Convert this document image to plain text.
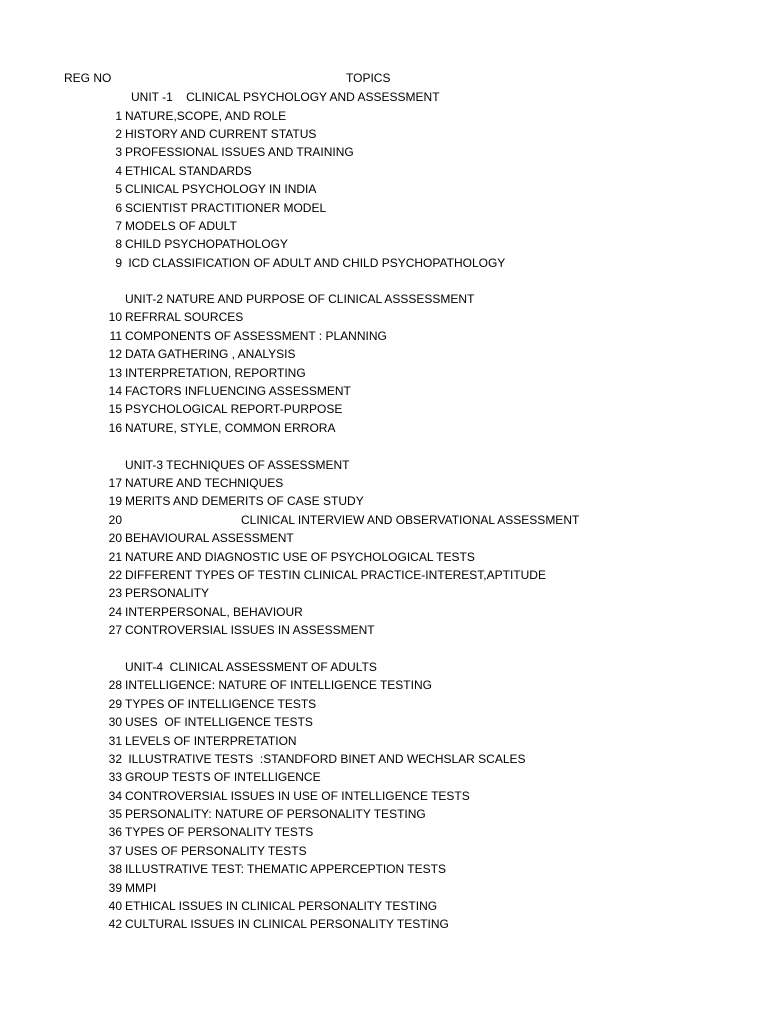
REG NO	TOPICS
UNIT -1    CLINICAL PSYCHOLOGY AND ASSESSMENT
1 NATURE,SCOPE, AND ROLE
2 HISTORY AND CURRENT STATUS
3 PROFESSIONAL ISSUES AND TRAINING
4 ETHICAL STANDARDS
5 CLINICAL PSYCHOLOGY IN INDIA
6 SCIENTIST PRACTITIONER MODEL
7 MODELS OF ADULT
8 CHILD PSYCHOPATHOLOGY
9 ICD CLASSIFICATION OF ADULT AND CHILD PSYCHOPATHOLOGY
UNIT-2 NATURE AND PURPOSE OF CLINICAL ASSSESSMENT
10 REFRRAL SOURCES
11 COMPONENTS OF ASSESSMENT : PLANNING
12 DATA GATHERING , ANALYSIS
13 INTERPRETATION, REPORTING
14 FACTORS INFLUENCING ASSESSMENT
15 PSYCHOLOGICAL REPORT-PURPOSE
16 NATURE, STYLE, COMMON ERRORA
UNIT-3 TECHNIQUES OF ASSESSMENT
17 NATURE AND TECHNIQUES
19 MERITS AND DEMERITS OF CASE STUDY
20	CLINICAL INTERVIEW AND OBSERVATIONAL ASSESSMENT
20 BEHAVIOURAL ASSESSMENT
21 NATURE AND DIAGNOSTIC USE OF PSYCHOLOGICAL TESTS
22 DIFFERENT TYPES OF TESTIN CLINICAL PRACTICE-INTEREST,APTITUDE
23 PERSONALITY
24 INTERPERSONAL, BEHAVIOUR
27 CONTROVERSIAL ISSUES IN ASSESSMENT
UNIT-4  CLINICAL ASSESSMENT OF ADULTS
28 INTELLIGENCE: NATURE OF INTELLIGENCE TESTING
29 TYPES OF INTELLIGENCE TESTS
30 USES  OF INTELLIGENCE TESTS
31 LEVELS OF INTERPRETATION
32 ILLUSTRATIVE TESTS  :STANDFORD BINET AND WECHSLAR SCALES
33 GROUP TESTS OF INTELLIGENCE
34 CONTROVERSIAL ISSUES IN USE OF INTELLIGENCE TESTS
35 PERSONALITY: NATURE OF PERSONALITY TESTING
36 TYPES OF PERSONALITY TESTS
37 USES OF PERSONALITY TESTS
38 ILLUSTRATIVE TEST: THEMATIC APPERCEPTION TESTS
39 MMPI
40 ETHICAL ISSUES IN CLINICAL PERSONALITY TESTING
42 CULTURAL ISSUES IN CLINICAL PERSONALITY TESTING
